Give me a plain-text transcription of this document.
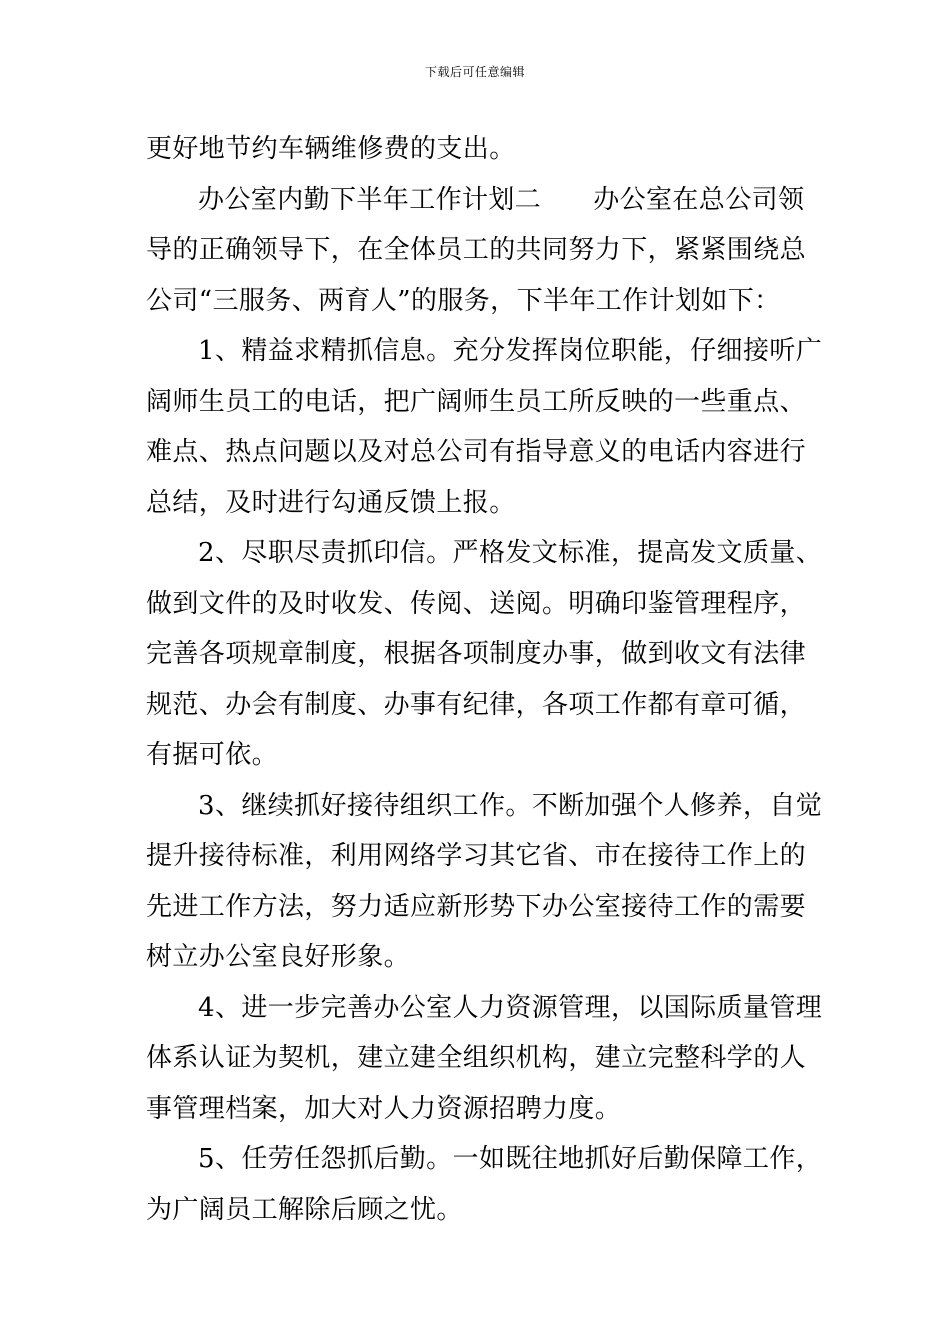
下载后可任意编辑
更好地节约车辆维修费的支出。
办公室内勤下半年工作计划二 办公室在总公司领
导的正确领导下，在全体员工的共同努力下，紧紧围绕总
公司“三服务、两育人”的服务，下半年工作计划如下：
1、精益求精抓信息。充分发挥岗位职能，仔细接听广
阔师生员工的电话，把广阔师生员工所反映的一些重点、
难点、热点问题以及对总公司有指导意义的电话内容进行
总结，及时进行勾通反馈上报。
2、尽职尽责抓印信。严格发文标准，提高发文质量、
做到文件的及时收发、传阅、送阅。明确印鉴管理程序，
完善各项规章制度，根据各项制度办事，做到收文有法律
规范、办会有制度、办事有纪律，各项工作都有章可循，
有据可依。
3、继续抓好接待组织工作。不断加强个人修养，自觉
提升接待标准，利用网络学习其它省、市在接待工作上的
先进工作方法，努力适应新形势下办公室接待工作的需要
树立办公室良好形象。
4、进一步完善办公室人力资源管理，以国际质量管理
体系认证为契机，建立建全组织机构，建立完整科学的人
事管理档案，加大对人力资源招聘力度。
5、任劳任怨抓后勤。一如既往地抓好后勤保障工作，
为广阔员工解除后顾之忧。
